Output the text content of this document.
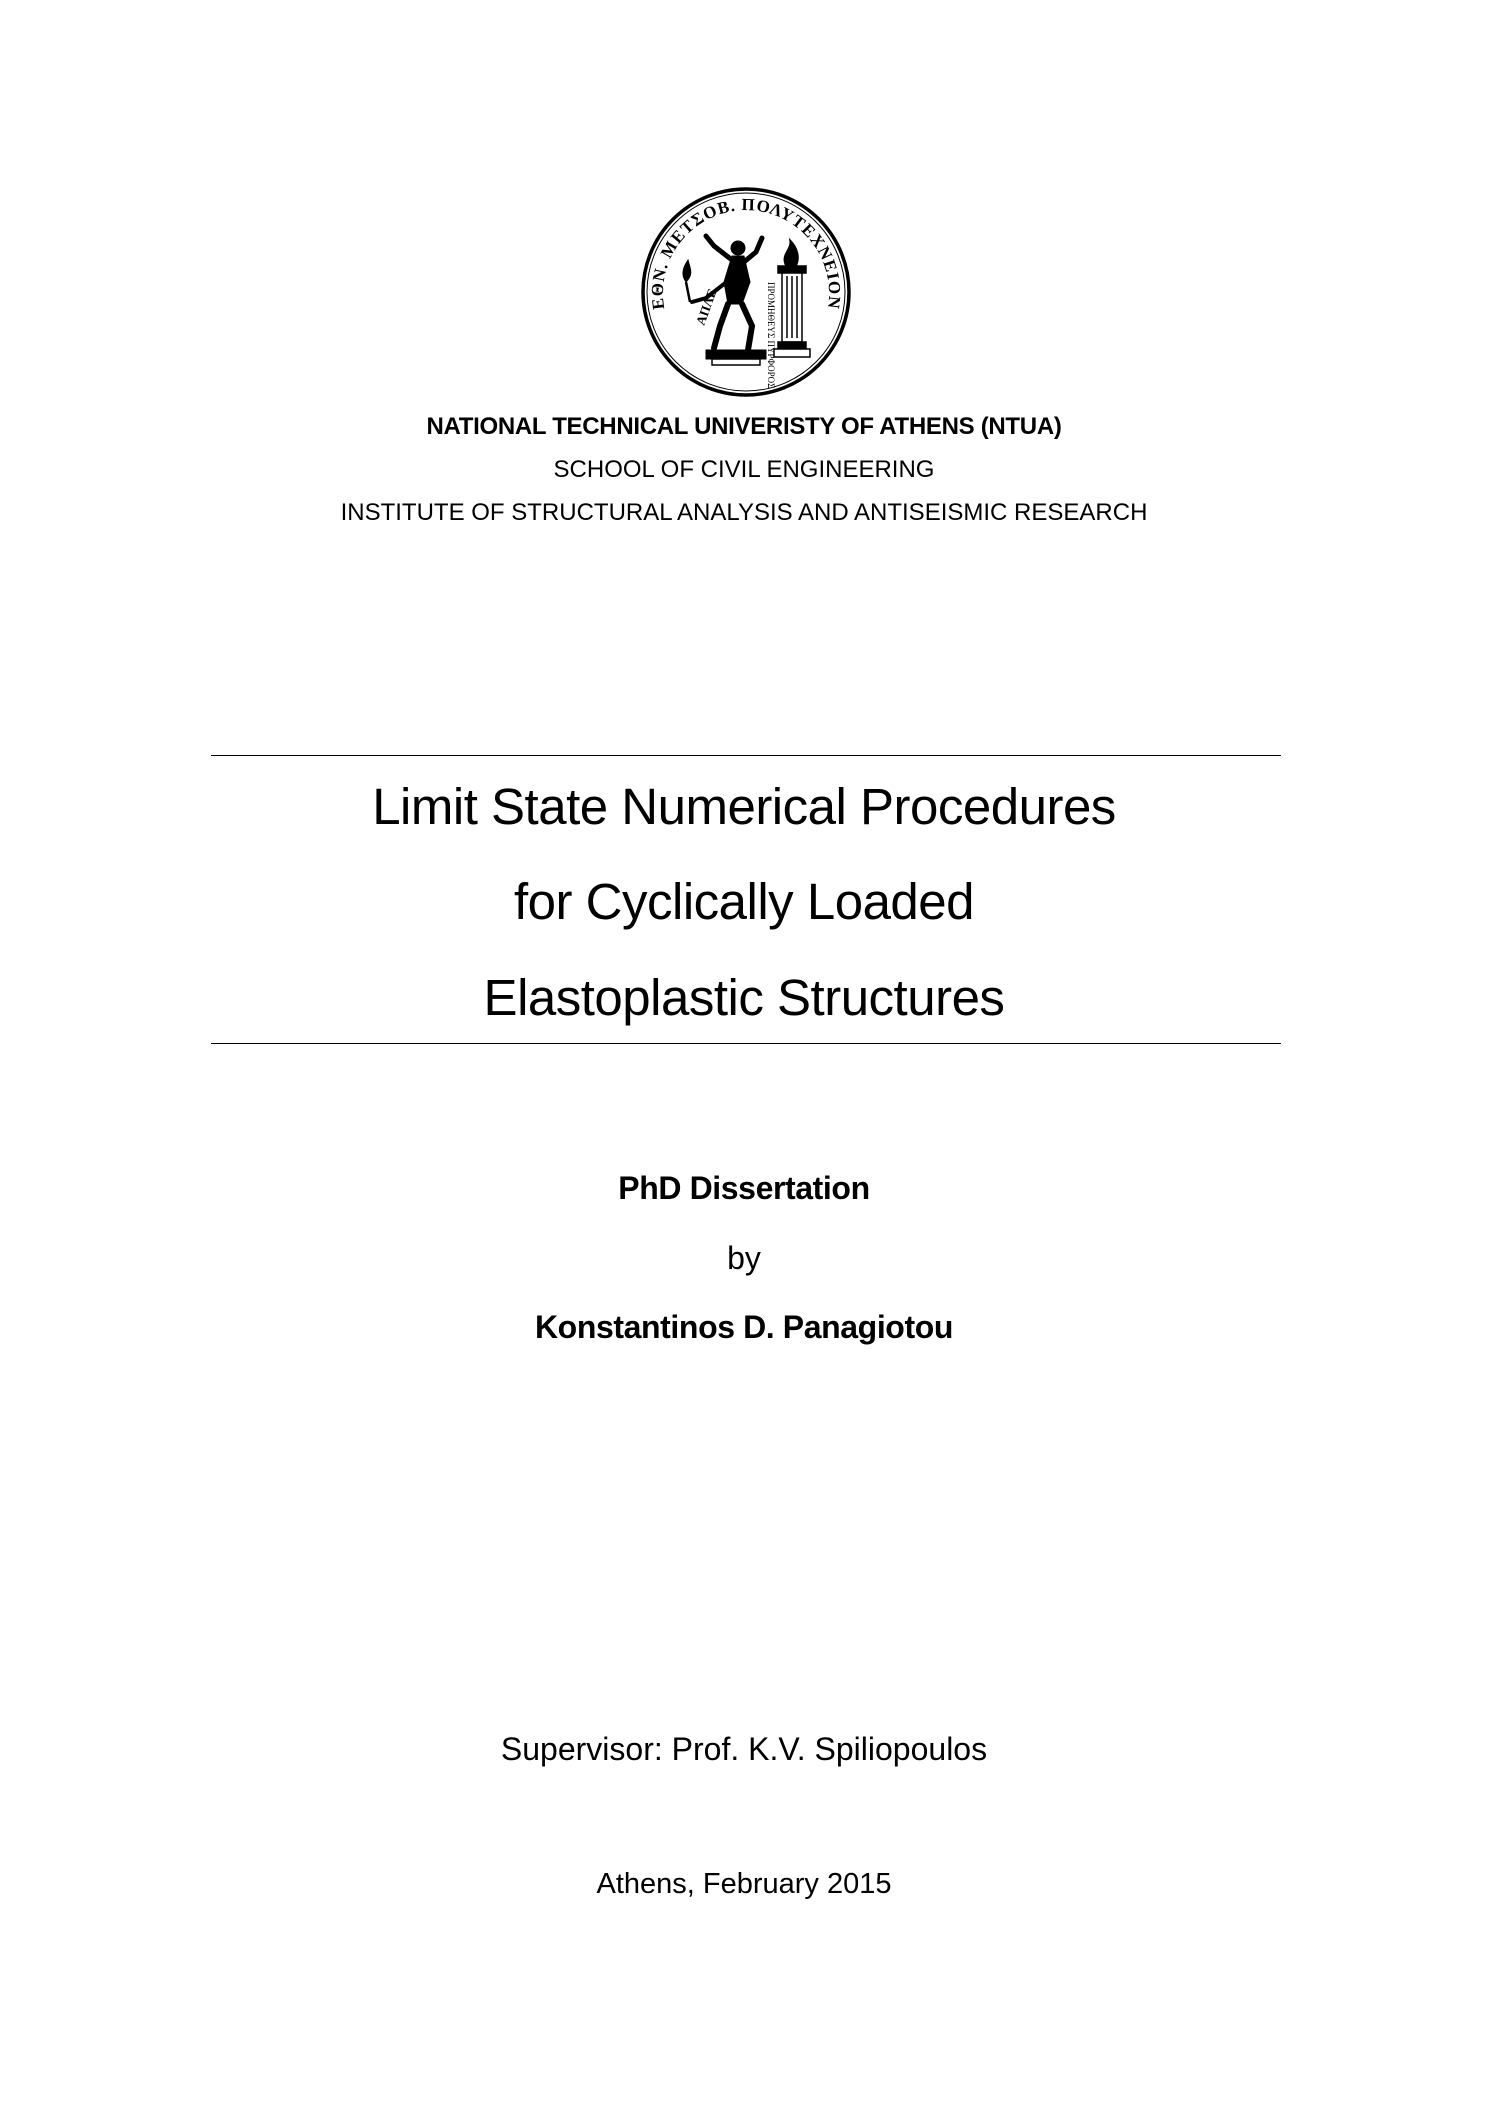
ΕΘΝ. ΜΕΤΣΟΒ. ΠΟΛΥΤΕΧΝΕΙΟΝ
ΑΠΛΕ	ΠΡΟΜΗΘΕΥΣ ΠΥΡΦΟΡΟΣ
NATIONAL TECHNICAL UNIVERISTY OF ATHENS (NTUA)
SCHOOL OF CIVIL ENGINEERING
INSTITUTE OF STRUCTURAL ANALYSIS AND ANTISEISMIC RESEARCH
Limit State Numerical Procedures
for Cyclically Loaded
Elastoplastic Structures
PhD Dissertation
by
Konstantinos D. Panagiotou
Supervisor: Prof. K.V. Spiliopoulos
Athens, February 2015
